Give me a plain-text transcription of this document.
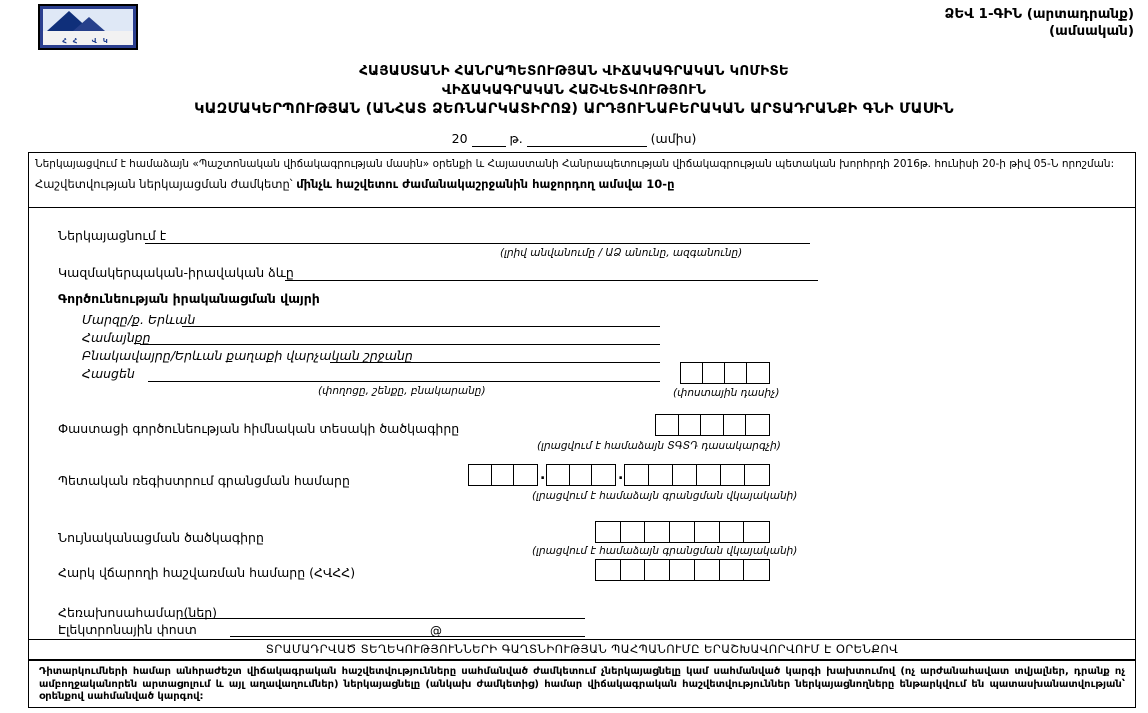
ՀՀ ՎԿ
ՁԵՎ 1-ԳԻՆ (արտադրանք)
(ամսական)
ՀԱՅԱՍՏԱՆԻ ՀԱՆՐԱՊԵՏՈՒԹՅԱՆ ՎԻՃԱԿԱԳՐԱԿԱՆ ԿՈՄԻՏԵ
ՎԻՃԱԿԱԳՐԱԿԱՆ ՀԱՇՎԵՏՎՈՒԹՅՈՒՆ
ԿԱԶՄԱԿԵՐՊՈՒԹՅԱՆ (ԱՆՀԱՏ ՁԵՌՆԱՐԿԱՏԻՐՈՋ) ԱՐԴՅՈՒՆԱԲԵՐԱԿԱՆ ԱՐՏԱԴՐԱՆՔԻ ԳՆԻ ՄԱՍԻՆ
20	թ.	(ամիս)
Ներկայացվում է համաձայն «Պաշտոնական վիճակագրության մասին» օրենքի և Հայաստանի Հանրապետության վիճակագրության պետական խորհրդի 2016թ. հունիսի 20-ի թիվ 05-Ն որոշման:
Հաշվետվության ներկայացման ժամկետը՝ մինչև հաշվետու ժամանակաշրջանին հաջորդող ամսվա 10-ը
Ներկայացնում է
(լրիվ անվանումը / ԱՁ անունը, ազգանունը)
Կազմակերպական-իրավական ձևը
Գործունեության իրականացման վայրի
Մարզը/ք. Երևան
Համայնքը
Բնակավայրը/Երևան քաղաքի վարչական շրջանը
Հասցեն
(փողոցը, շենքը, բնակարանը)	(փոստային դասիչ)
Փաստացի գործունեության հիմնական տեսակի ծածկագիրը
(լրացվում է համաձայն ՏԳՏԴ դասակարգչի)
Պետական ռեգիստրում գրանցման համարը	.	.
(լրացվում է համաձայն գրանցման վկայականի)
Նույնականացման ծածկագիրը
(լրացվում է համաձայն գրանցման վկայականի)
Հարկ վճարողի հաշվառման համարը (ՀՎՀՀ)
Հեռախոսահամար(ներ)
Էլեկտրոնային փոստ	@
ՏՐԱՄԱԴՐՎԱԾ ՏԵՂԵԿՈՒԹՅՈՒՆՆԵՐԻ ԳԱՂՏՆԻՈՒԹՅԱՆ ՊԱՀՊԱՆՈՒՄԸ ԵՐԱՇԽԱՎՈՐՎՈՒՄ Է ՕՐԵՆՔՈՎ
Դիտարկումների համար անհրաժեշտ վիճակագրական հաշվետվությունները սահմանված ժամկետում չներկայացնելը կամ սահմանված կարգի խախտումով (ոչ արժանահավատ տվյալներ, դրանք ոչ ամբողջականորեն արտացոլում և այլ աղավաղումներ) ներկայացնելը (անկախ ժամկետից) համար վիճակագրական հաշվետվություններ ներկայացնողները ենթարկվում են պատասխանատվության՝ օրենքով սահմանված կարգով:
